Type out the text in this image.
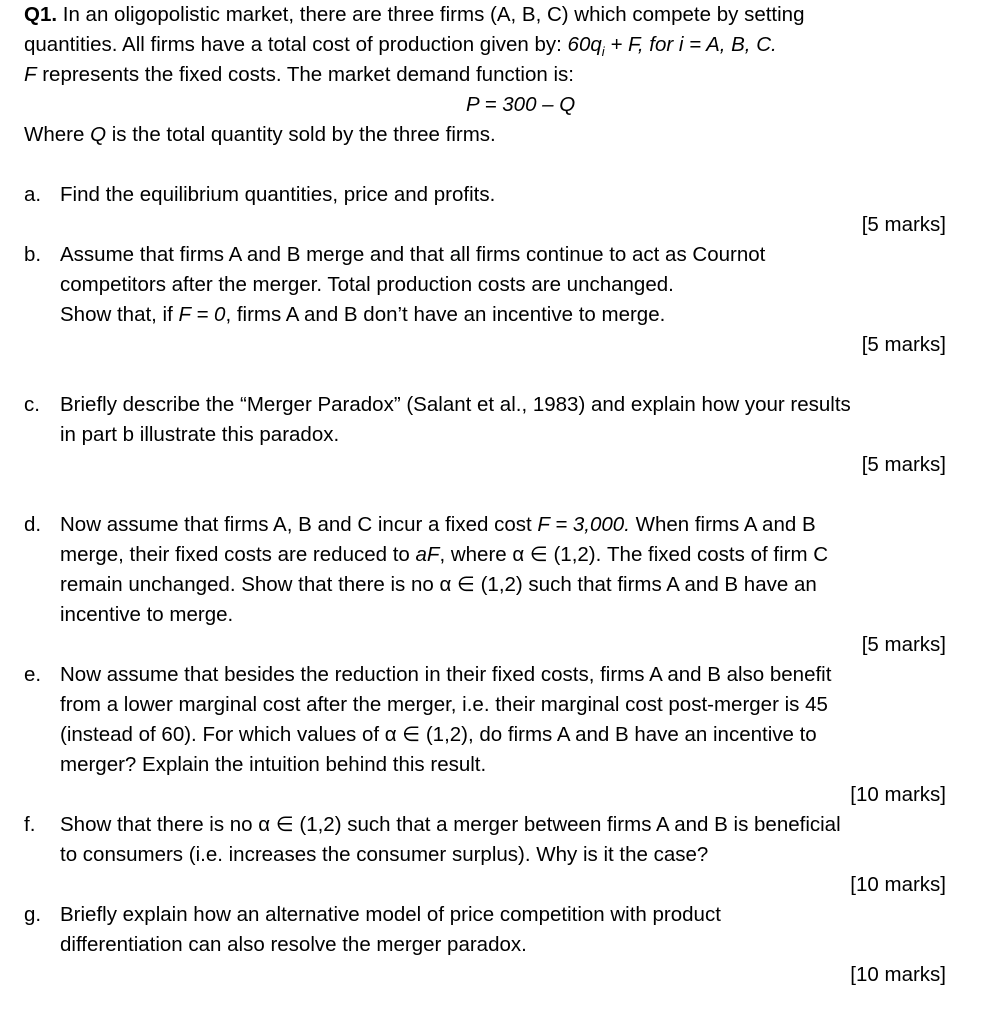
Q1. In an oligopolistic market, there are three firms (A, B, C) which compete by setting
quantities. All firms have a total cost of production given by: $60q_i + F$, for i = A, B, C.
F represents the fixed costs. The market demand function is:
P = 300 – Q
Where Q is the total quantity sold by the three firms.
a. Find the equilibrium quantities, price and profits.
[5 marks]
b. Assume that firms A and B merge and that all firms continue to act as Cournot
competitors after the merger. Total production costs are unchanged.
Show that, if F = 0, firms A and B don’t have an incentive to merge.
[5 marks]
c. Briefly describe the “Merger Paradox” (Salant et al., 1983) and explain how your results
in part b illustrate this paradox.
[5 marks]
d. Now assume that firms A, B and C incur a fixed cost F = 3,000. When firms A and B
merge, their fixed costs are reduced to aF, where α ∈ (1,2). The fixed costs of firm C
remain unchanged. Show that there is no α ∈ (1,2) such that firms A and B have an
incentive to merge.
[5 marks]
e. Now assume that besides the reduction in their fixed costs, firms A and B also benefit
from a lower marginal cost after the merger, i.e. their marginal cost post-merger is 45
(instead of 60). For which values of α ∈ (1,2), do firms A and B have an incentive to
merger? Explain the intuition behind this result.
[10 marks]
f. Show that there is no α ∈ (1,2) such that a merger between firms A and B is beneficial
to consumers (i.e. increases the consumer surplus). Why is it the case?
[10 marks]
g. Briefly explain how an alternative model of price competition with product
differentiation can also resolve the merger paradox.
[10 marks]
